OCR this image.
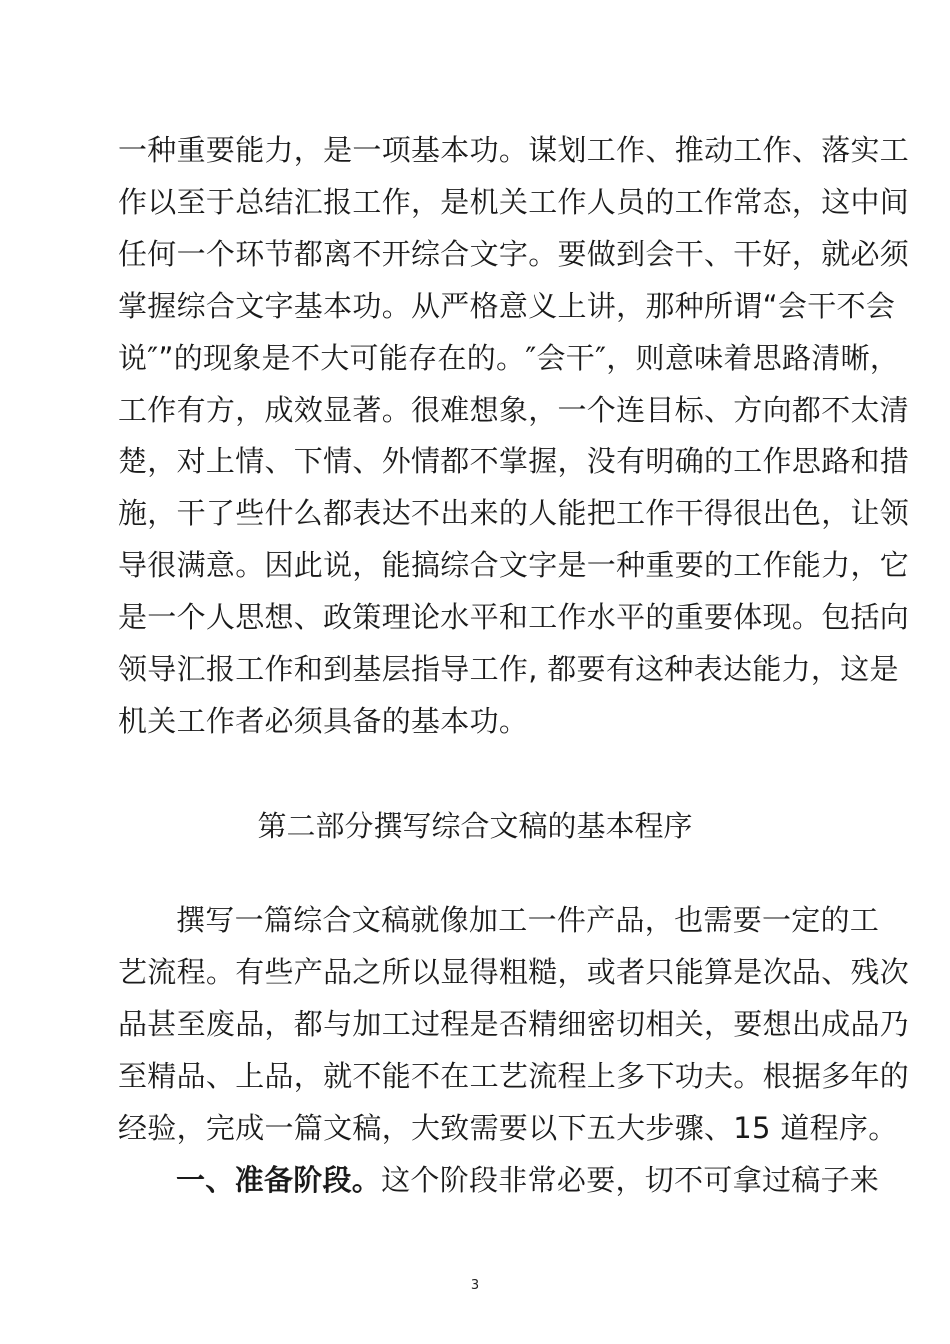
一种重要能力，是一项基本功。谋划工作、推动工作、落实工
作以至于总结汇报工作，是机关工作人员的工作常态，这中间
任何一个环节都离不开综合文字。要做到会干、干好，就必须
掌握综合文字基本功。从严格意义上讲，那种所谓“会干不会
说″”的现象是不大可能存在的。″会干″，则意味着思路清晰，
工作有方，成效显著。很难想象，一个连目标、方向都不太清
楚，对上情、下情、外情都不掌握，没有明确的工作思路和措
施，干了些什么都表达不出来的人能把工作干得很出色，让领
导很满意。因此说，能搞综合文字是一种重要的工作能力，它
是一个人思想、政策理论水平和工作水平的重要体现。包括向
领导汇报工作和到基层指导工作, 都要有这种表达能力，这是
机关工作者必须具备的基本功。
第二部分撰写综合文稿的基本程序
撰写一篇综合文稿就像加工一件产品，也需要一定的工
艺流程。有些产品之所以显得粗糙，或者只能算是次品、残次
品甚至废品，都与加工过程是否精细密切相关，要想出成品乃
至精品、上品，就不能不在工艺流程上多下功夫。根据多年的
经验，完成一篇文稿，大致需要以下五大步骤、15 道程序。
一、准备阶段。这个阶段非常必要，切不可拿过稿子来
3
